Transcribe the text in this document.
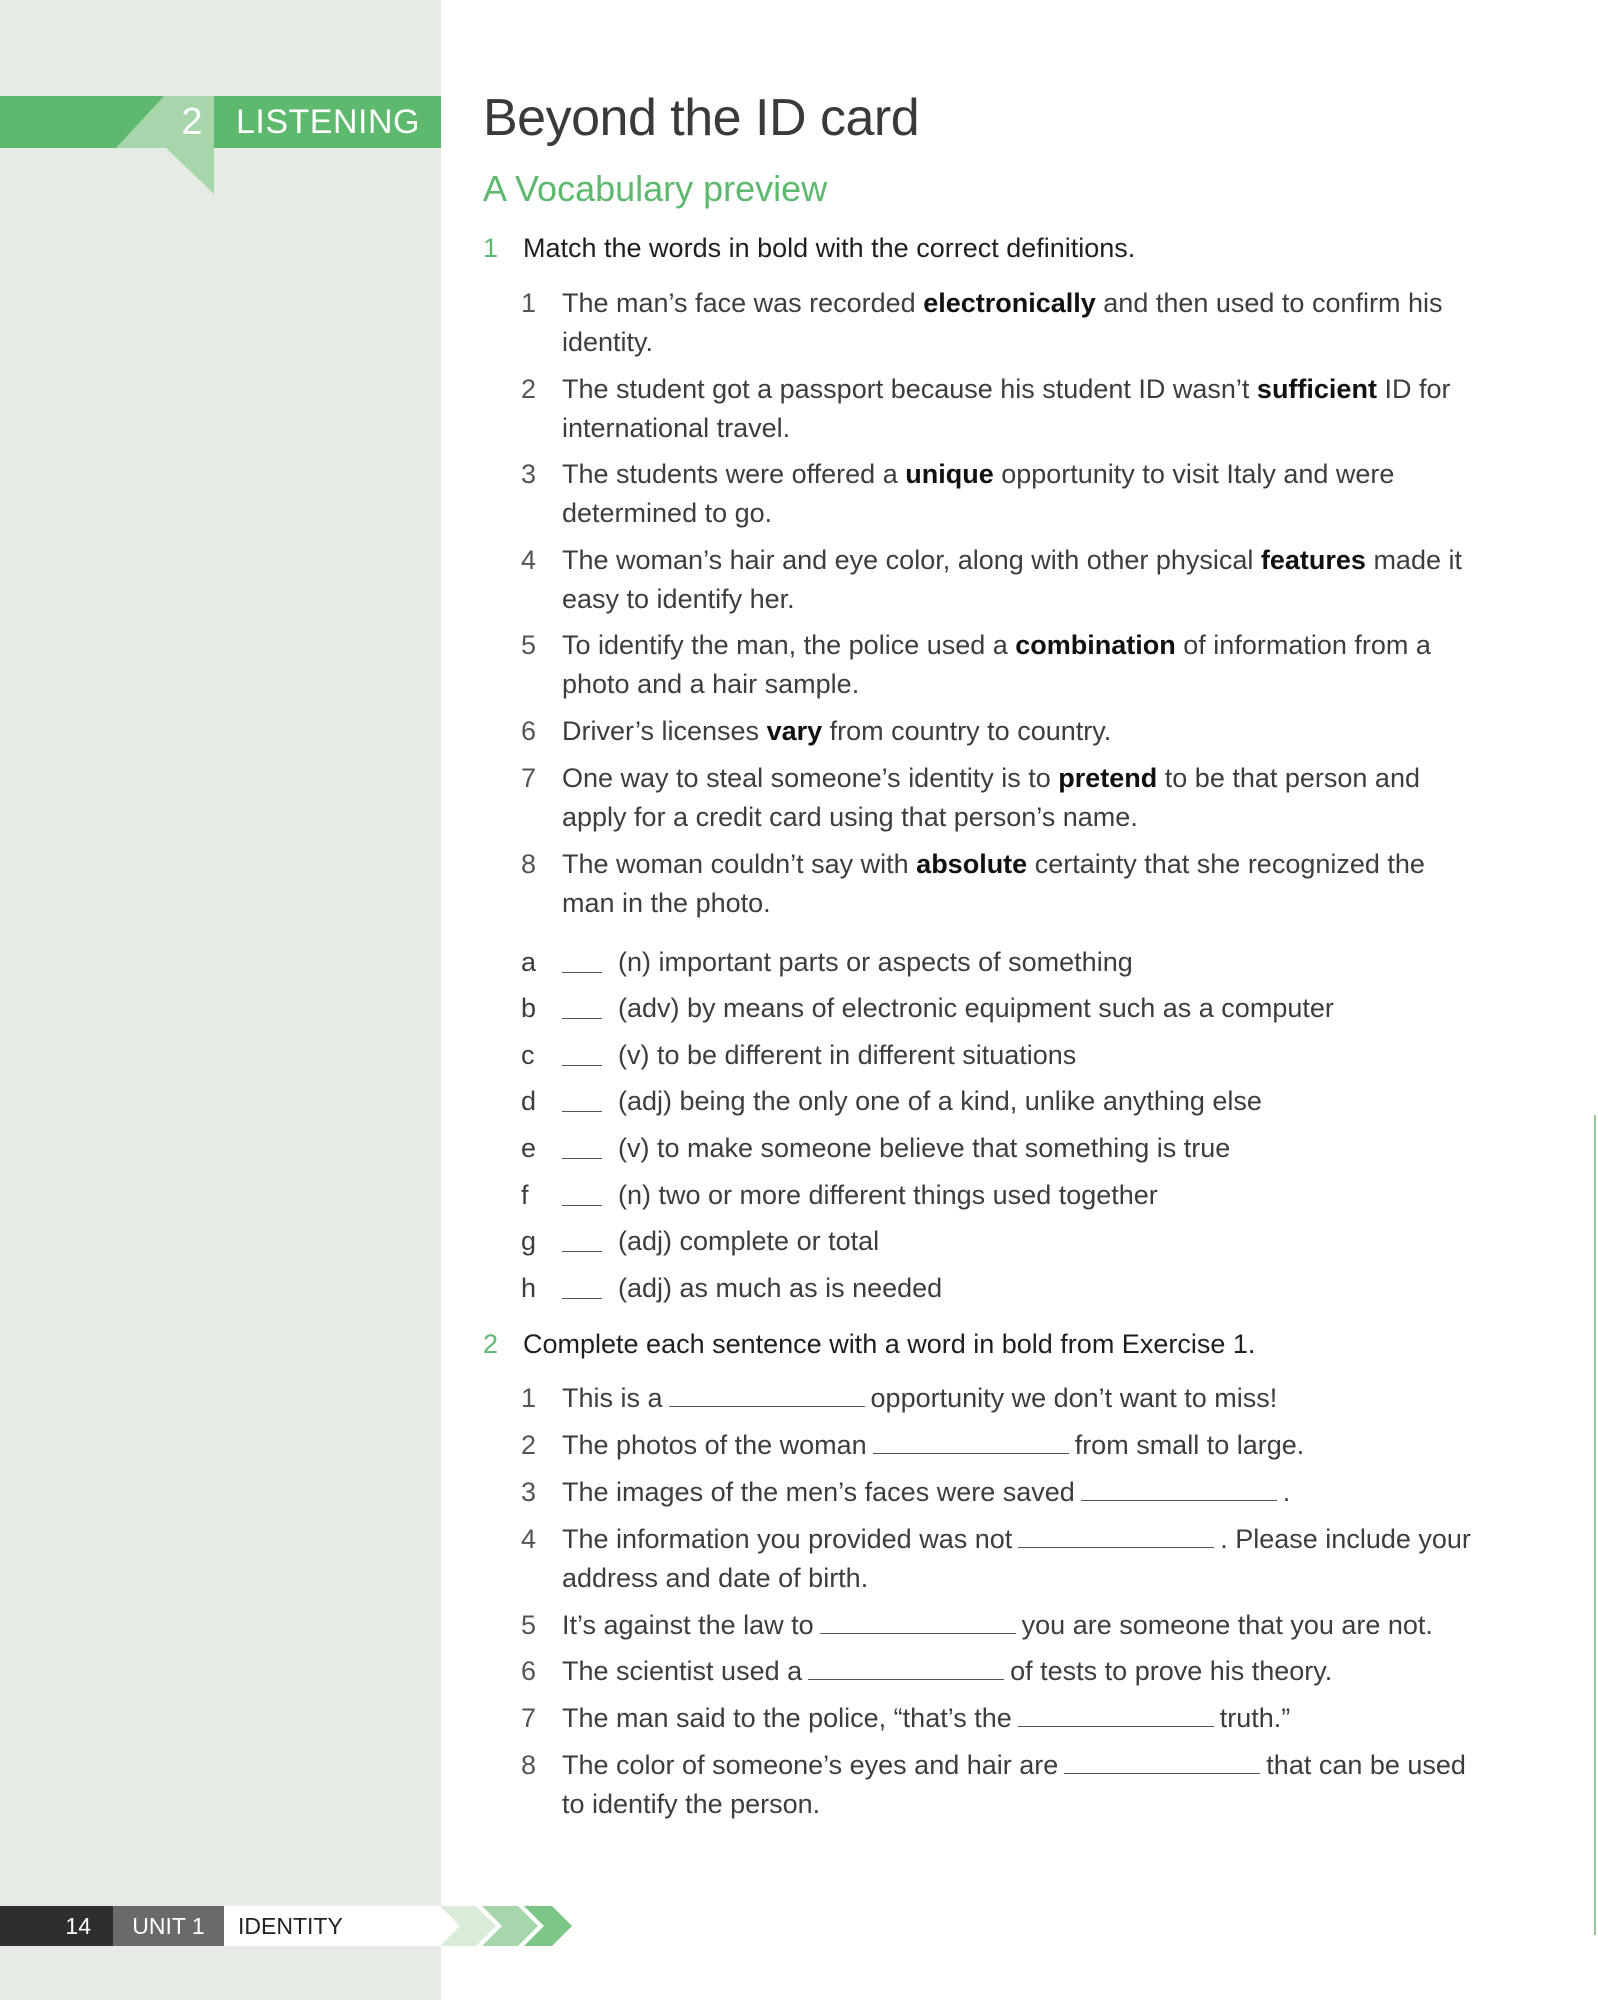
2 LISTENING Beyond the ID card
A Vocabulary preview
1 Match the words in bold with the correct definitions.
1 The man’s face was recorded electronically and then used to confirm his identity.
2 The student got a passport because his student ID wasn’t sufficient ID for international travel.
3 The students were offered a unique opportunity to visit Italy and were determined to go.
4 The woman’s hair and eye color, along with other physical features made it easy to identify her.
5 To identify the man, the police used a combination of information from a photo and a hair sample.
6 Driver’s licenses vary from country to country.
7 One way to steal someone’s identity is to pretend to be that person and apply for a credit card using that person’s name.
8 The woman couldn’t say with absolute certainty that she recognized the man in the photo.
a	(n) important parts or aspects of something
b	(adv) by means of electronic equipment such as a computer
c	(v) to be different in different situations
d	(adj) being the only one of a kind, unlike anything else
e	(v) to make someone believe that something is true
f	(n) two or more different things used together
g	(adj) complete or total
h	(adj) as much as is needed
2 Complete each sentence with a word in bold from Exercise 1.
1 This is a	opportunity we don’t want to miss!
2 The photos of the woman	from small to large.
3 The images of the men’s faces were saved	.
4 The information you provided was not	. Please include your address and date of birth.
5 It’s against the law to	you are someone that you are not.
6 The scientist used a	of tests to prove his theory.
7 The man said to the police, “that’s the	truth.”
8 The color of someone’s eyes and hair are	that can be used to identify the person.
14	UNIT 1	IDENTITY
